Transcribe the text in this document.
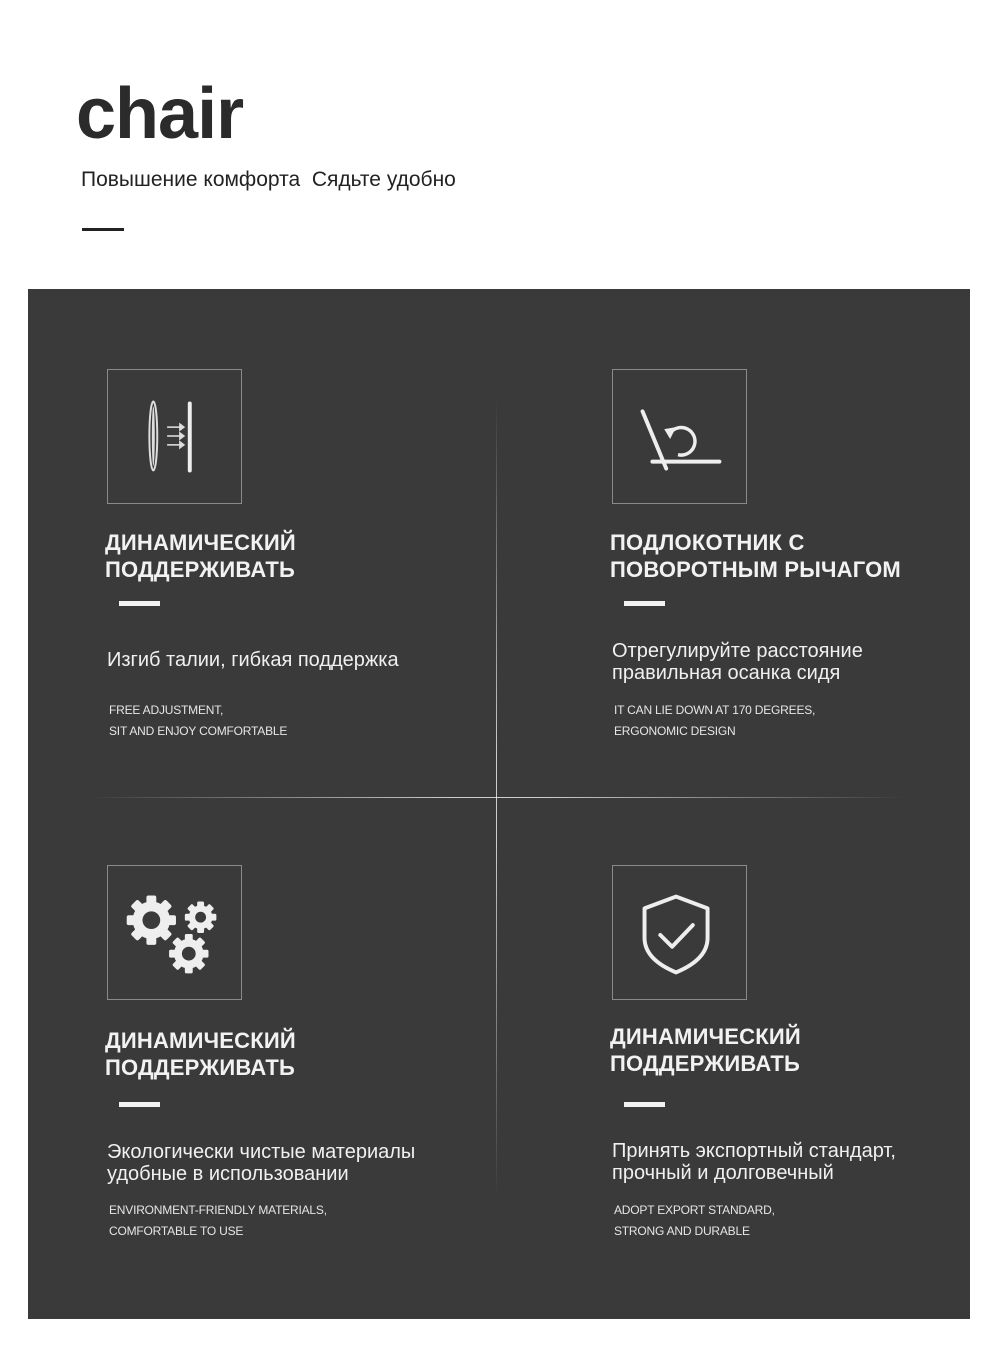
chair
Повышение комфорта  Сядьте удобно
ДИНАМИЧЕСКИЙ
ПОДДЕРЖИВАТЬ
Изгиб талии, гибкая поддержка
FREE ADJUSTMENT,
SIT AND ENJOY COMFORTABLE
ПОДЛОКОТНИК С
ПОВОРОТНЫМ РЫЧАГОМ
Отрегулируйте расстояние
правильная осанка сидя
IT CAN LIE DOWN AT 170 DEGREES,
ERGONOMIC DESIGN
ДИНАМИЧЕСКИЙ
ПОДДЕРЖИВАТЬ
Экологически чистые материалы
удобные в использовании
ENVIRONMENT-FRIENDLY MATERIALS,
COMFORTABLE TO USE
ДИНАМИЧЕСКИЙ
ПОДДЕРЖИВАТЬ
Принять экспортный стандарт,
прочный и долговечный
ADOPT EXPORT STANDARD,
STRONG AND DURABLE
